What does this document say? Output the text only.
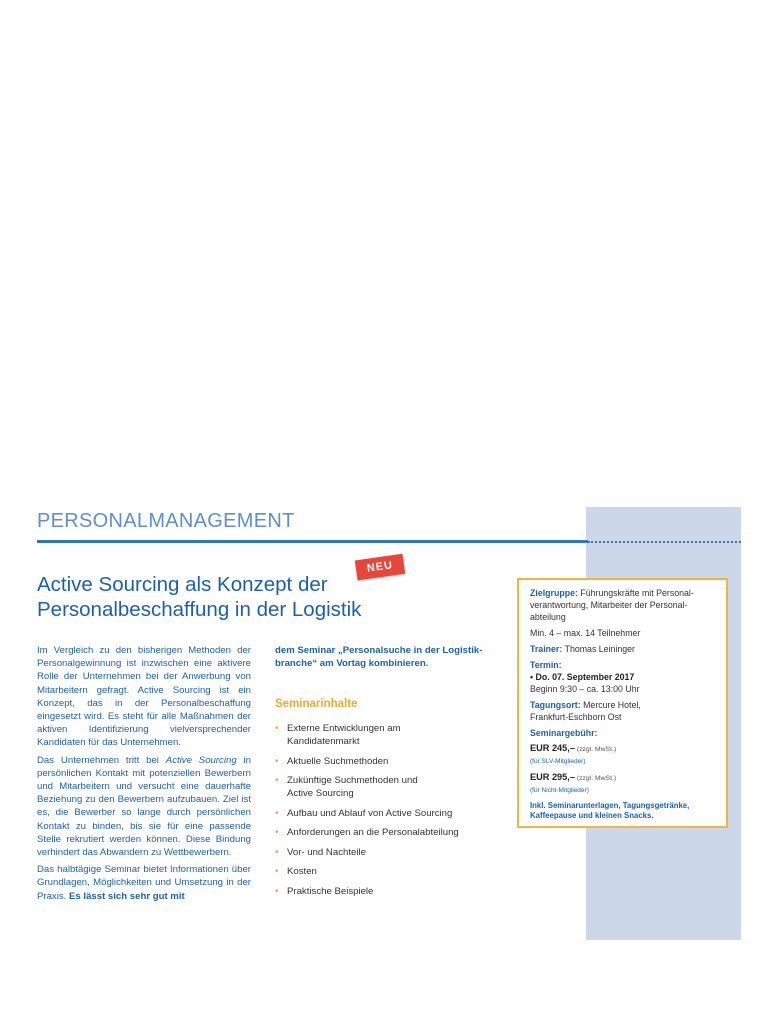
PERSONALMANAGEMENT
NEU
Active Sourcing als Konzept der
Personalbeschaffung in der Logistik

Im Vergleich zu den bisherigen Methoden der Personalgewinnung ist inzwischen eine aktivere Rolle der Unternehmen bei der Anwerbung von Mitarbeitern gefragt. Active Sourcing ist ein Konzept, das in der Personalbeschaffung eingesetzt wird. Es steht für alle Maßnahmen der aktiven Identifizierung vielversprechender Kandidaten für das Unternehmen.

Das Unternehmen tritt bei Active Sourcing in persönlichen Kontakt mit potenziellen Bewerbern und Mitarbeitern und versucht eine dauerhafte Beziehung zu den Bewerbern aufzubauen. Ziel ist es, die Bewerber so lange durch persönlichen Kontakt zu binden, bis sie für eine passende Stelle rekrutiert werden können. Diese Bindung verhindert das Abwandern zu Wettbewerbern.

Das halbtägige Seminar bietet Informationen über Grundlagen, Möglichkeiten und Umsetzung in der Praxis. Es lässt sich sehr gut mit

dem Seminar „Personalsuche in der Logistik-
branche“ am Vortag kombinieren.
Seminarinhalte
• Externe Entwicklungen am
Kandidatenmarkt
• Aktuelle Suchmethoden
• Zukünftige Suchmethoden und
Active Sourcing
• Aufbau und Ablauf von Active Sourcing
• Anforderungen an die Personalabteilung
• Vor- und Nachteile
• Kosten
• Praktische Beispiele
Zielgruppe: Führungskräfte mit Personal-
verantwortung, Mitarbeiter der Personal-
abteilung
Min. 4 – max. 14 Teilnehmer
Trainer: Thomas Leininger
Termin:
• Do. 07. September 2017
Beginn 9:30 – ca. 13:00 Uhr
Tagungsort: Mercure Hotel,
Frankfurt-Eschborn Ost
Seminargebühr:
EUR 245,– (zzgl. MwSt.)
(für SLV-Mitglieder)
EUR 295,– (zzgl. MwSt.)
(für Nicht-Mitglieder)
Inkl. Seminarunterlagen, Tagungsgetränke,
Kaffeepause und kleinen Snacks.
